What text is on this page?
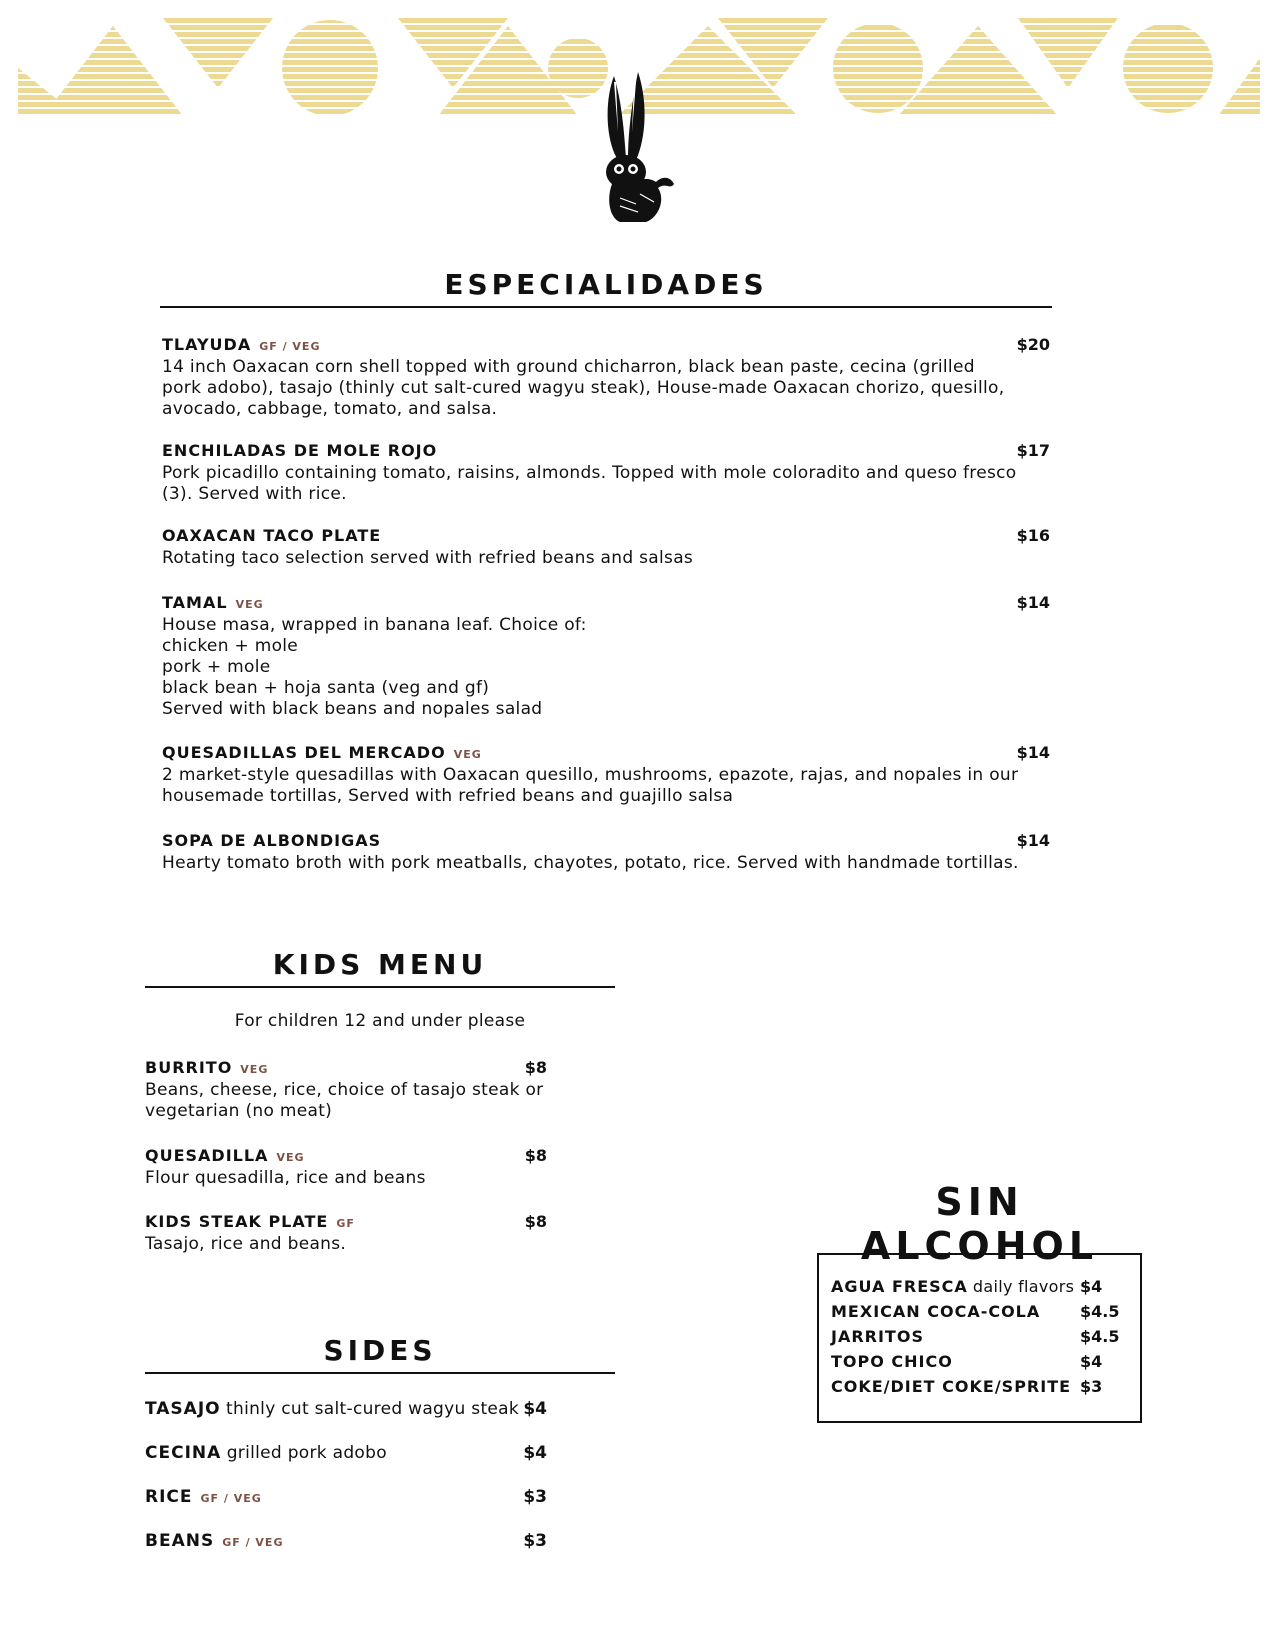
ESPECIALIDADES
TLAYUDA GF / VEG	$20
14 inch Oaxacan corn shell topped with ground chicharron, black bean paste, cecina (grilled
pork adobo), tasajo (thinly cut salt-cured wagyu steak), House-made Oaxacan chorizo, quesillo,
avocado, cabbage, tomato, and salsa.
ENCHILADAS DE MOLE ROJO	$17
Pork picadillo containing tomato, raisins, almonds. Topped with mole coloradito and queso fresco
(3). Served with rice.
OAXACAN TACO PLATE	$16
Rotating taco selection served with refried beans and salsas
TAMAL VEG	$14
House masa, wrapped in banana leaf. Choice of:
chicken + mole
pork + mole
black bean + hoja santa (veg and gf)
Served with black beans and nopales salad
QUESADILLAS DEL MERCADO VEG	$14
2 market-style quesadillas with Oaxacan quesillo, mushrooms, epazote, rajas, and nopales in our
housemade tortillas, Served with refried beans and guajillo salsa
SOPA DE ALBONDIGAS	$14
Hearty tomato broth with pork meatballs, chayotes, potato, rice. Served with handmade tortillas.
KIDS MENU
For children 12 and under please
BURRITO VEG	$8
Beans, cheese, rice, choice of tasajo steak or
vegetarian (no meat)
QUESADILLA VEG	$8
Flour quesadilla, rice and beans
KIDS STEAK PLATE GF	$8
Tasajo, rice and beans.
SIDES
TASAJO thinly cut salt-cured wagyu steak $4
CECINA grilled pork adobo	$4
RICE GF / VEG	$3
BEANS GF / VEG	$3
SIN ALCOHOL
AGUA FRESCA daily flavors $4
MEXICAN COCA-COLA $4.5
JARRITOS	$4.5
TOPO CHICO	$4
COKE/DIET COKE/SPRITE $3
